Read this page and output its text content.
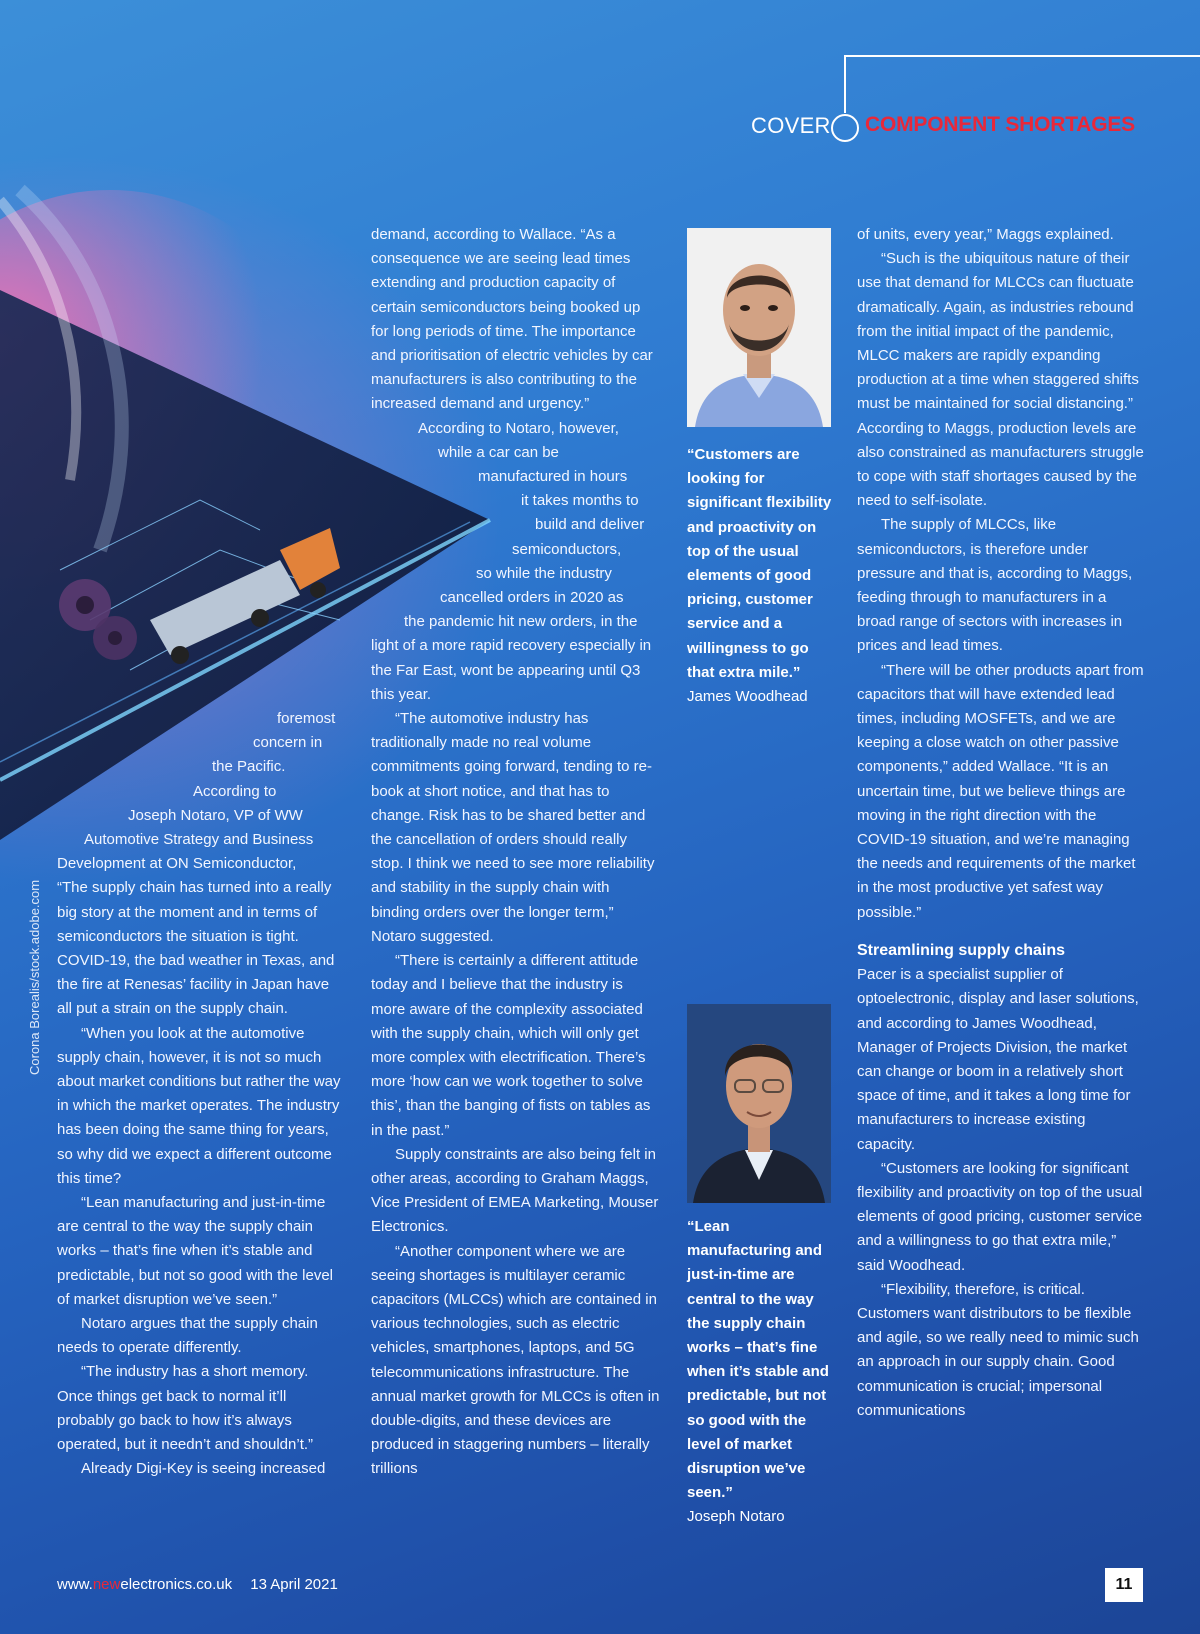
COVER COMPONENT SHORTAGES
Corona Borealis/stock.adobe.com
foremost
concern in
the Pacific.
According to
Joseph Notaro, VP of WW
Automotive Strategy and Business
Development at ON Semiconductor,

“The supply chain has turned into a really big story at the moment and in terms of semiconductors the situation is tight. COVID-19, the bad weather in Texas, and the fire at Renesas’ facility in Japan have all put a strain on the supply chain.

“When you look at the automotive supply chain, however, it is not so much about market conditions but rather the way in which the market operates. The industry has been doing the same thing for years, so why did we expect a different outcome this time?

“Lean manufacturing and just-in-time are central to the way the supply chain works – that’s fine when it’s stable and predictable, but not so good with the level of market disruption we’ve seen.”

Notaro argues that the supply chain needs to operate differently.

“The industry has a short memory. Once things get back to normal it’ll probably go back to how it’s always operated, but it needn’t and shouldn’t.”

Already Digi-Key is seeing increased

demand, according to Wallace. “As a consequence we are seeing lead times extending and production capacity of certain semiconductors being booked up for long periods of time. The importance and prioritisation of electric vehicles by car manufacturers is also contributing to the increased demand and urgency.”

According to Notaro, however,
while a car can be
manufactured in hours
it takes months to
build and deliver
semiconductors,
so while the industry
cancelled orders in 2020 as

the pandemic hit new orders, in the light of a more rapid recovery especially in the Far East, wont be appearing until Q3 this year.

“The automotive industry has traditionally made no real volume commitments going forward, tending to re-book at short notice, and that has to change. Risk has to be shared better and the cancellation of orders should really stop. I think we need to see more reliability and stability in the supply chain with binding orders over the longer term,” Notaro suggested.

“There is certainly a different attitude today and I believe that the industry is more aware of the complexity associated with the supply chain, which will only get more complex with electrification. There’s more ‘how can we work together to solve this’, than the banging of fists on tables as in the past.”

Supply constraints are also being felt in other areas, according to Graham Maggs, Vice President of EMEA Marketing, Mouser Electronics.

“Another component where we are seeing shortages is multilayer ceramic capacitors (MLCCs) which are contained in various technologies, such as electric vehicles, smartphones, laptops, and 5G telecommunications infrastructure. The annual market growth for MLCCs is often in double-digits, and these devices are produced in staggering numbers – literally trillions

“Customers are looking for significant flexibility and proactivity on top of the usual elements of good pricing, customer service and a willingness to go that extra mile.”
James Woodhead
“Lean manufacturing and just-in-time are central to the way the supply chain works – that’s fine when it’s stable and predictable, but not so good with the level of market disruption we’ve seen.”
Joseph Notaro

of units, every year,” Maggs explained.

“Such is the ubiquitous nature of their use that demand for MLCCs can fluctuate dramatically. Again, as industries rebound from the initial impact of the pandemic, MLCC makers are rapidly expanding production at a time when staggered shifts must be maintained for social distancing.” According to Maggs, production levels are also constrained as manufacturers struggle to cope with staff shortages caused by the need to self-isolate.

The supply of MLCCs, like semiconductors, is therefore under pressure and that is, according to Maggs, feeding through to manufacturers in a broad range of sectors with increases in prices and lead times.

“There will be other products apart from capacitors that will have extended lead times, including MOSFETs, and we are keeping a close watch on other passive components,” added Wallace. “It is an uncertain time, but we believe things are moving in the right direction with the COVID-19 situation, and we’re managing the needs and requirements of the market in the most productive yet safest way possible.”

Streamlining supply chains

Pacer is a specialist supplier of optoelectronic, display and laser solutions, and according to James Woodhead, Manager of Projects Division, the market can change or boom in a relatively short space of time, and it takes a long time for manufacturers to increase existing capacity.

“Customers are looking for significant flexibility and proactivity on top of the usual elements of good pricing, customer service and a willingness to go that extra mile,” said Woodhead.

“Flexibility, therefore, is critical. Customers want distributors to be flexible and agile, so we really need to mimic such an approach in our supply chain. Good communication is crucial; impersonal communications

www.newelectronics.co.uk 13 April 2021	11
